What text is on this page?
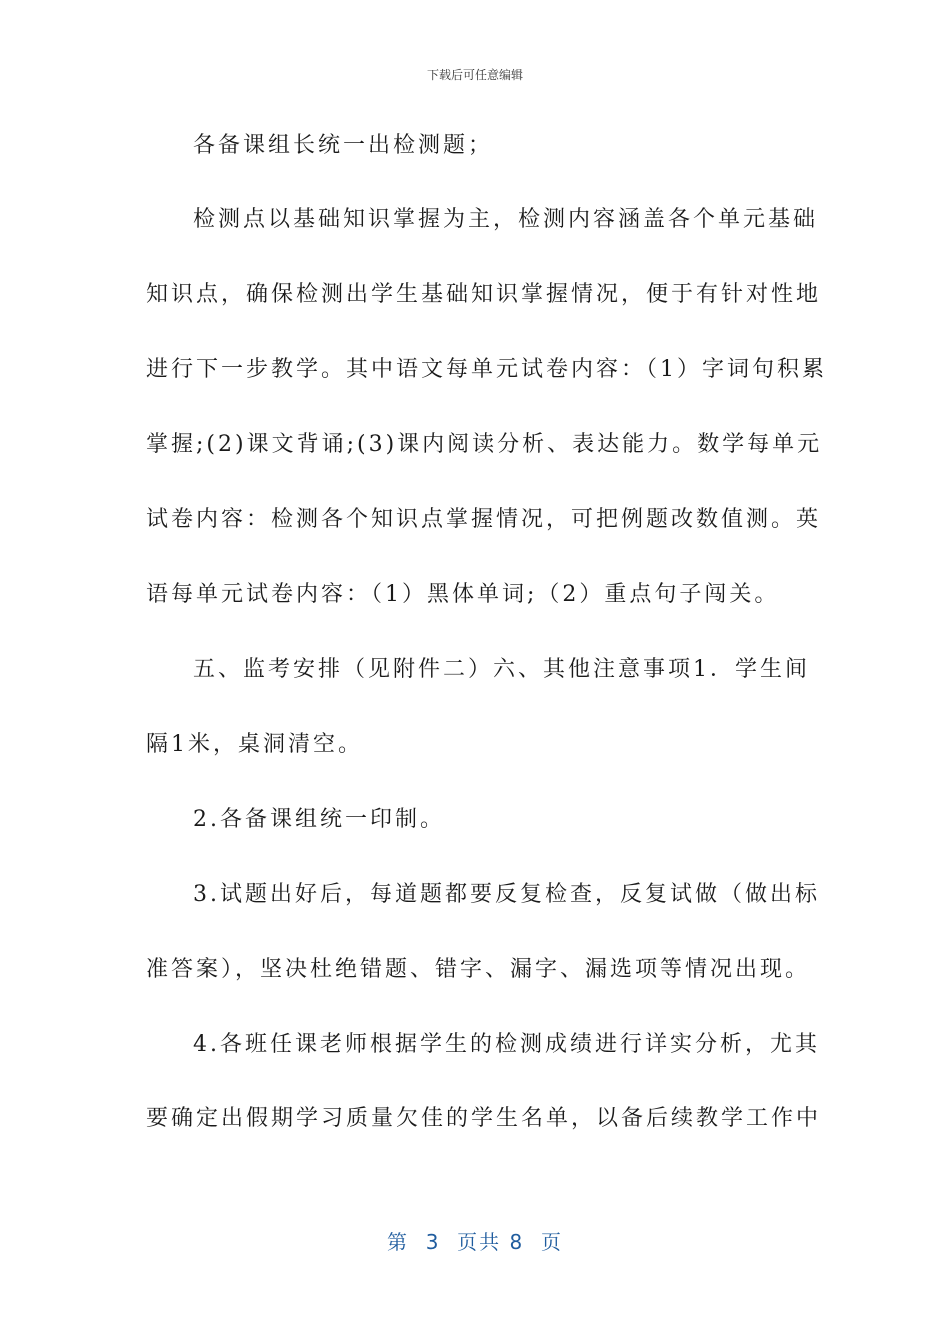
下载后可任意编辑
各备课组长统一出检测题；
检测点以基础知识掌握为主，检测内容涵盖各个单元基础
知识点，确保检测出学生基础知识掌握情况，便于有针对性地
进行下一步教学。其中语文每单元试卷内容：（1）字词句积累
掌握;(2)课文背诵;(3)课内阅读分析、表达能力。数学每单元
试卷内容：检测各个知识点掌握情况，可把例题改数值测。英
语每单元试卷内容：（1）黑体单词;（2）重点句子闯关。
五、监考安排（见附件二）六、其他注意事项1．学生间
隔1米，桌洞清空。
2.各备课组统一印制。
3.试题出好后，每道题都要反复检查，反复试做（做出标
准答案），坚决杜绝错题、错字、漏字、漏选项等情况出现。
4.各班任课老师根据学生的检测成绩进行详实分析，尤其
要确定出假期学习质量欠佳的学生名单，以备后续教学工作中
第  3  页共 8  页
